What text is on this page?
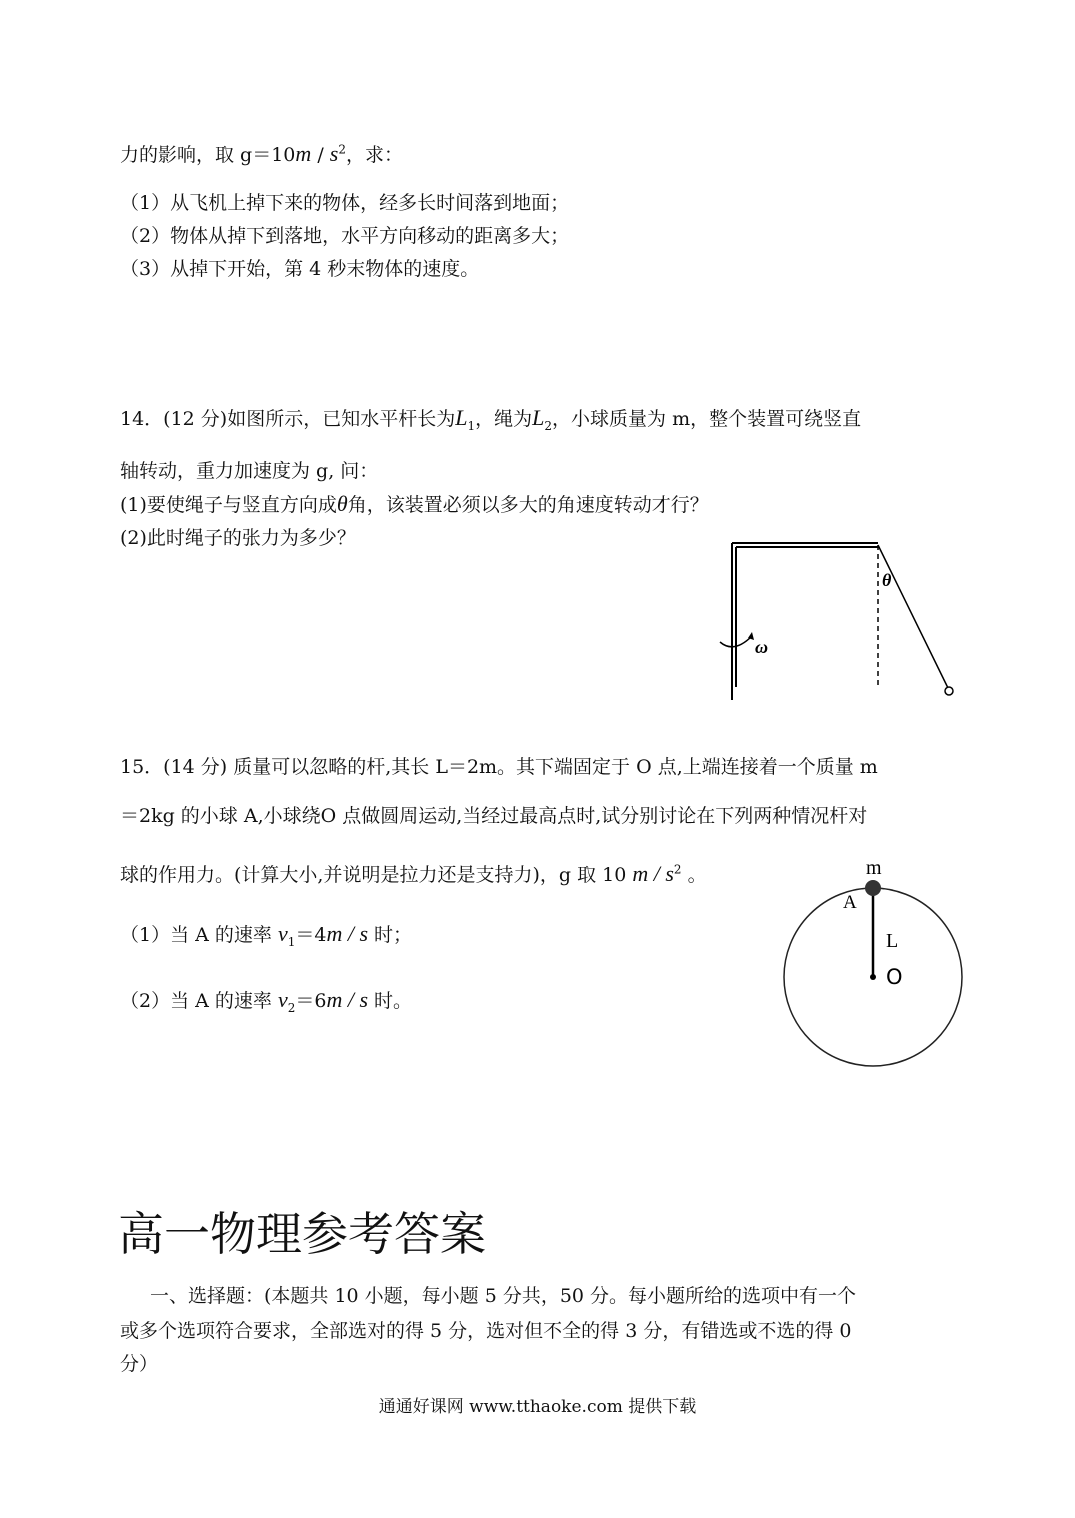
力的影响，取 $g=10m / s^2$，求：
（1）从飞机上掉下来的物体，经多长时间落到地面；
（2）物体从掉下到落地，水平方向移动的距离多大；
（3）从掉下开始，第 4 秒末物体的速度。
14．(12 分)如图所示，已知水平杆长为$L_1$，绳为$L_2$，小球质量为 m，整个装置可绕竖直
轴转动，重力加速度为 g, 问：
(1)要使绳子与竖直方向成θ角，该装置必须以多大的角速度转动才行？
(2)此时绳子的张力为多少？
θ
ω
15．(14 分) 质量可以忽略的杆,其长 L＝2m。其下端固定于 O 点,上端连接着一个质量 m
＝2kg 的小球 A,小球绕O 点做圆周运动,当经过最高点时,试分别讨论在下列两种情况杆对
球的作用力。(计算大小,并说明是拉力还是支持力)，g 取 10 m / $s^2$ 。
（1）当 A 的速率 $v_1=4m / s$ 时；
（2）当 A 的速率 $v_2=6m / s$ 时。
m
A
L
O
高一物理参考答案
一、选择题：(本题共 10 小题，每小题 5 分共，50 分。每小题所给的选项中有一个
或多个选项符合要求，全部选对的得 5 分，选对但不全的得 3 分，有错选或不选的得 0
分）
通通好课网 www.tthaoke.com 提供下载
